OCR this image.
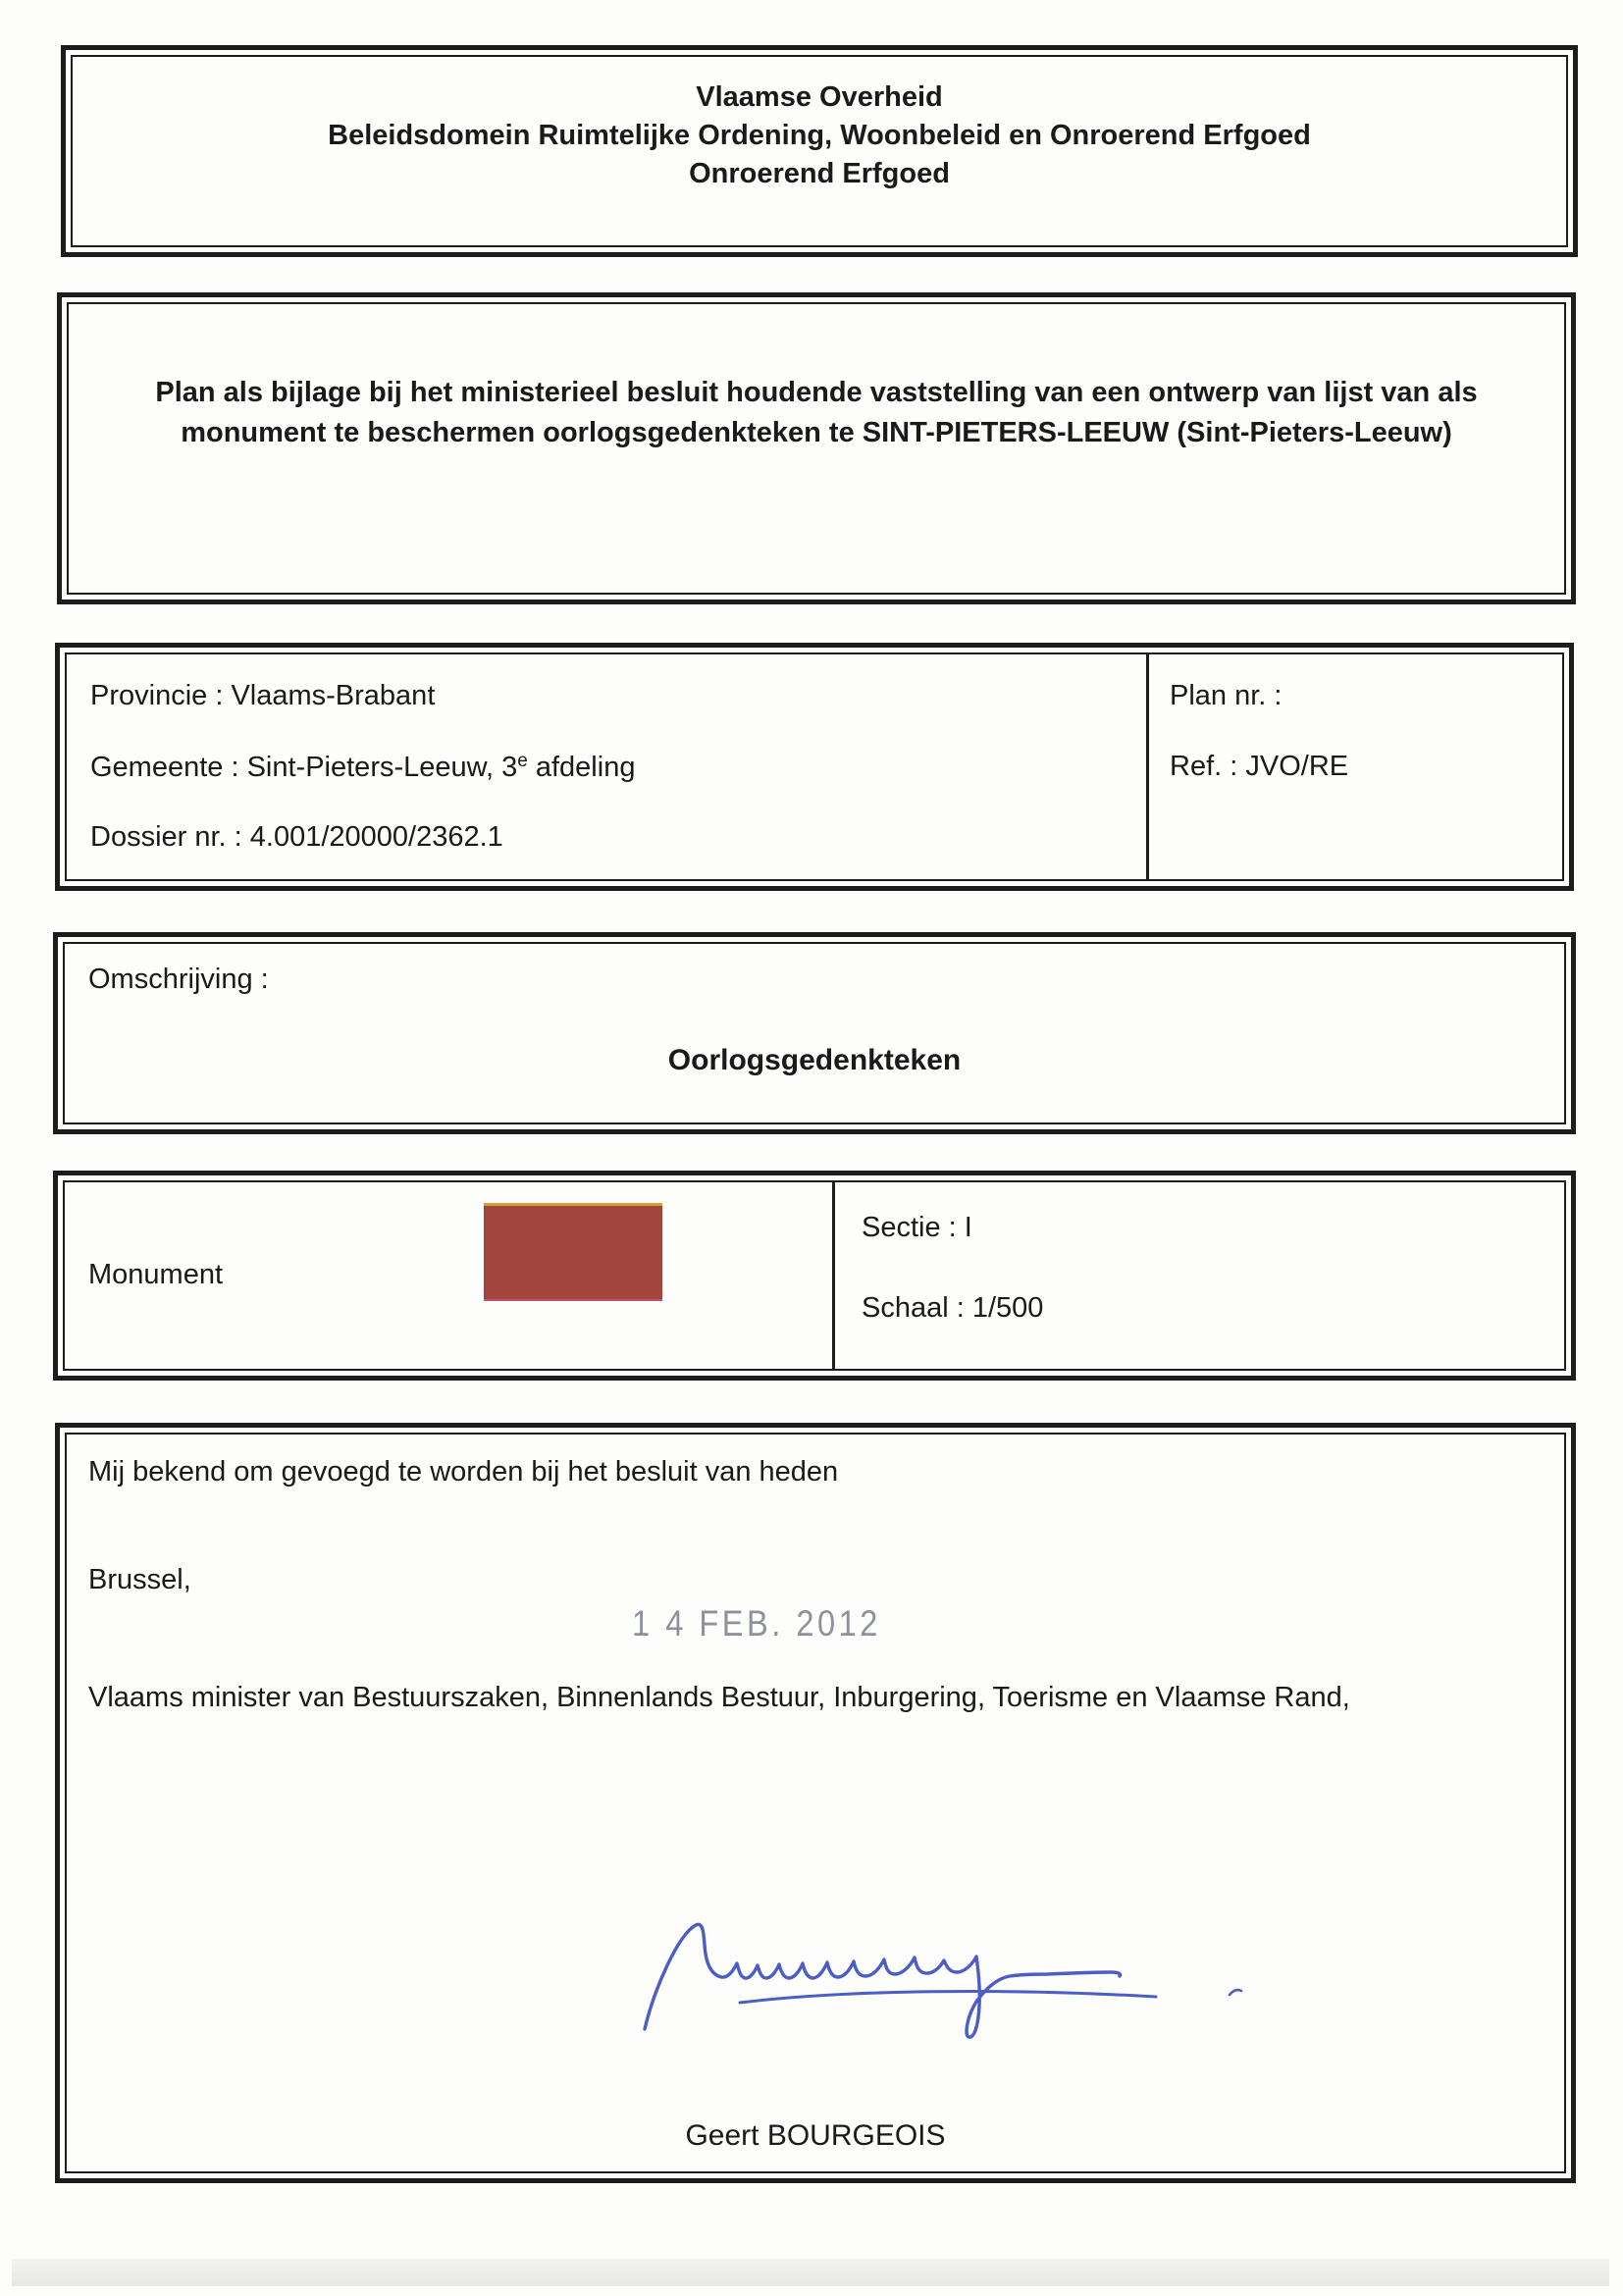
Vlaamse Overheid
Beleidsdomein Ruimtelijke Ordening, Woonbeleid en Onroerend Erfgoed
Onroerend Erfgoed

Plan als bijlage bij het ministerieel besluit houdende vaststelling van een ontwerp van lijst van als monument te beschermen oorlogsgedenkteken te SINT-PIETERS-LEEUW (Sint-Pieters-Leeuw)

Provincie : Vlaams-Brabant
Gemeente : Sint-Pieters-Leeuw, 3e afdeling
Dossier nr. : 4.001/20000/2362.1
Plan nr. :
Ref. : JVO/RE
Omschrijving :
Oorlogsgedenkteken
Monument
Sectie : I
Schaal : 1/500
Mij bekend om gevoegd te worden bij het besluit van heden
Brussel,
1 4 FEB. 2012
Vlaams minister van Bestuurszaken, Binnenlands Bestuur, Inburgering, Toerisme en Vlaamse Rand,
Geert BOURGEOIS
